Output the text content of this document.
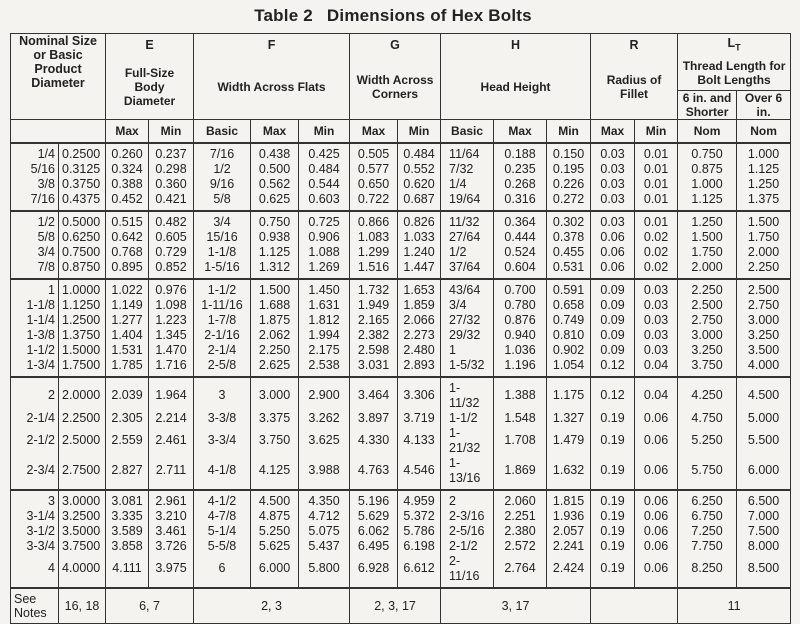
Table 2 Dimensions of Hex Bolts
Nominal Size or Basic Product Diameter		E		F			G		H			R		$L_T$
		Full-Size Body Diameter		Width Across Flats			Width Across Corners		Head Height			Radius of Fillet		Thread Length for Bolt Lengths	
														6 in. and Shorter	Over 6 in.
		Max	Min	Basic	Max	Min	Max	Min	Basic	Max	Min	Max	Min	Nom	Nom
1/4	0.2500	0.260	0.237	7/16	0.438	0.425	0.505	0.484	11/64	0.188	0.150	0.03	0.01	0.750	1.000
5/16	0.3125	0.324	0.298	1/2	0.500	0.484	0.577	0.552	7/32	0.235	0.195	0.03	0.01	0.875	1.125
3/8	0.3750	0.388	0.360	9/16	0.562	0.544	0.650	0.620	1/4	0.268	0.226	0.03	0.01	1.000	1.250
7/16	0.4375	0.452	0.421	5/8	0.625	0.603	0.722	0.687	19/64	0.316	0.272	0.03	0.01	1.125	1.375
1/2	0.5000	0.515	0.482	3/4	0.750	0.725	0.866	0.826	11/32	0.364	0.302	0.03	0.01	1.250	1.500
5/8	0.6250	0.642	0.605	15/16	0.938	0.906	1.083	1.033	27/64	0.444	0.378	0.06	0.02	1.500	1.750
3/4	0.7500	0.768	0.729	1-1/8	1.125	1.088	1.299	1.240	1/2	0.524	0.455	0.06	0.02	1.750	2.000
7/8	0.8750	0.895	0.852	1-5/16	1.312	1.269	1.516	1.447	37/64	0.604	0.531	0.06	0.02	2.000	2.250
1	1.0000	1.022	0.976	1-1/2	1.500	1.450	1.732	1.653	43/64	0.700	0.591	0.09	0.03	2.250	2.500
1-1/8	1.1250	1.149	1.098	1-11/16	1.688	1.631	1.949	1.859	3/4	0.780	0.658	0.09	0.03	2.500	2.750
1-1/4	1.2500	1.277	1.223	1-7/8	1.875	1.812	2.165	2.066	27/32	0.876	0.749	0.09	0.03	2.750	3.000
1-3/8	1.3750	1.404	1.345	2-1/16	2.062	1.994	2.382	2.273	29/32	0.940	0.810	0.09	0.03	3.000	3.250
1-1/2	1.5000	1.531	1.470	2-1/4	2.250	2.175	2.598	2.480	1	1.036	0.902	0.09	0.03	3.250	3.500
1-3/4	1.7500	1.785	1.716	2-5/8	2.625	2.538	3.031	2.893	1-5/32	1.196	1.054	0.12	0.04	3.750	4.000
2	2.0000	2.039	1.964	3	3.000	2.900	3.464	3.306	1-11/32	1.388	1.175	0.12	0.04	4.250	4.500
2-1/4	2.2500	2.305	2.214	3-3/8	3.375	3.262	3.897	3.719	1-1/2	1.548	1.327	0.19	0.06	4.750	5.000
2-1/2	2.5000	2.559	2.461	3-3/4	3.750	3.625	4.330	4.133	1-21/32	1.708	1.479	0.19	0.06	5.250	5.500
2-3/4	2.7500	2.827	2.711	4-1/8	4.125	3.988	4.763	4.546	1-13/16	1.869	1.632	0.19	0.06	5.750	6.000
3	3.0000	3.081	2.961	4-1/2	4.500	4.350	5.196	4.959	2	2.060	1.815	0.19	0.06	6.250	6.500
3-1/4	3.2500	3.335	3.210	4-7/8	4.875	4.712	5.629	5.372	2-3/16	2.251	1.936	0.19	0.06	6.750	7.000
3-1/2	3.5000	3.589	3.461	5-1/4	5.250	5.075	6.062	5.786	2-5/16	2.380	2.057	0.19	0.06	7.250	7.500
3-3/4	3.7500	3.858	3.726	5-5/8	5.625	5.437	6.495	6.198	2-1/2	2.572	2.241	0.19	0.06	7.750	8.000
4	4.0000	4.111	3.975	6	6.000	5.800	6.928	6.612	2-11/16	2.764	2.424	0.19	0.06	8.250	8.500
See Notes	16, 18	6, 7		2, 3			2, 3, 17		3, 17					11	
